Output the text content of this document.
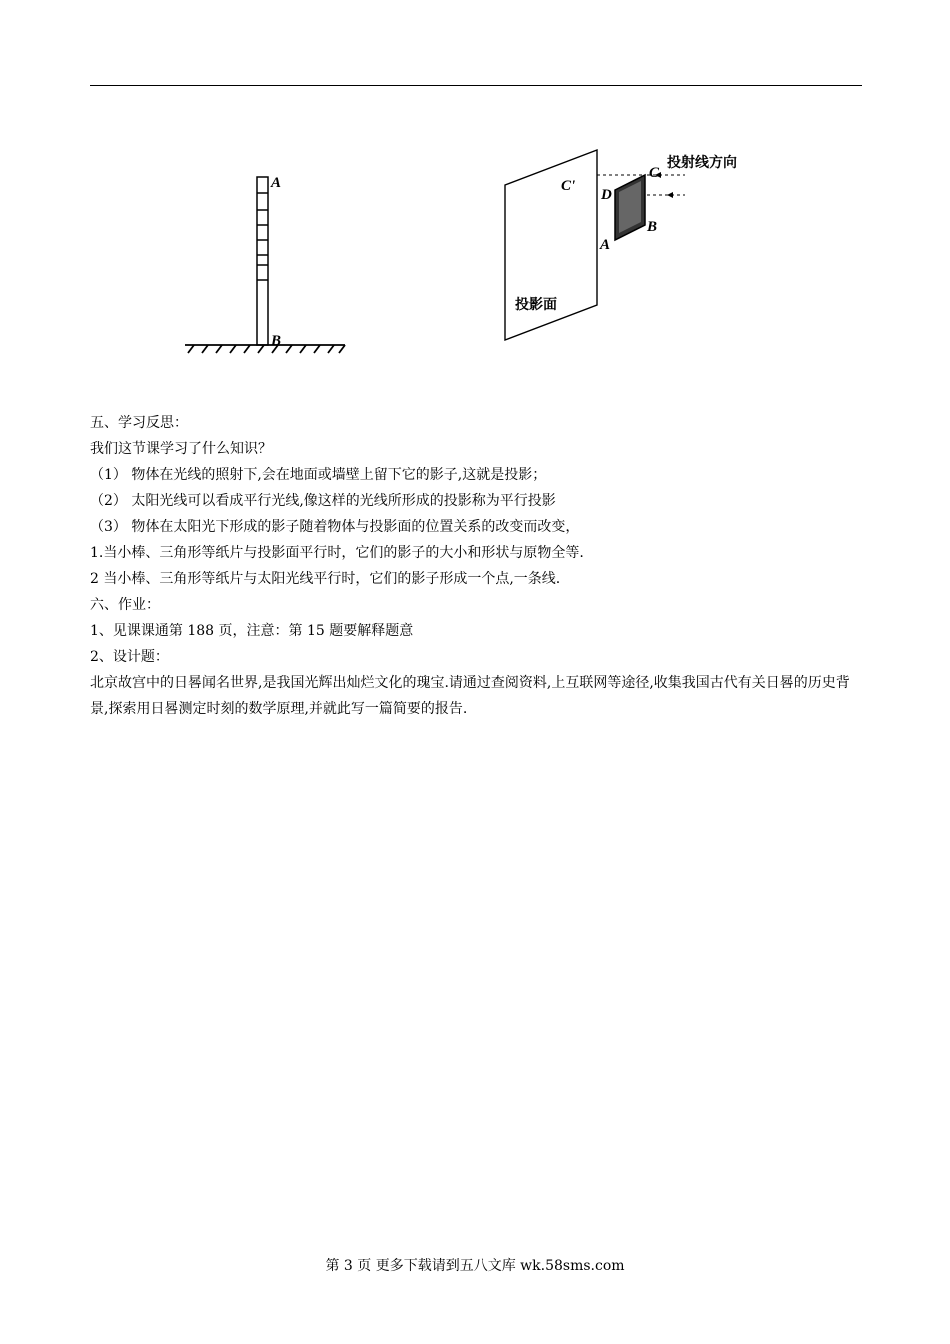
A
B
投射线方向
投影面
C'
D
C
B
A
五、学习反思：
我们这节课学习了什么知识？
（1） 物体在光线的照射下,会在地面或墙壁上留下它的影子,这就是投影；
（2） 太阳光线可以看成平行光线,像这样的光线所形成的投影称为平行投影
（3） 物体在太阳光下形成的影子随着物体与投影面的位置关系的改变而改变，
1.当小棒、三角形等纸片与投影面平行时，它们的影子的大小和形状与原物全等.
2 当小棒、三角形等纸片与太阳光线平行时，它们的影子形成一个点,一条线.
六、作业：
1、见课课通第 188 页，注意：第 15 题要解释题意
2、设计题：
北京故宫中的日晷闻名世界,是我国光辉出灿烂文化的瑰宝.请通过查阅资料,上互联网等途径,收集我国古代有关日晷的历史背景,探索用日晷测定时刻的数学原理,并就此写一篇简要的报告.
第 3 页 更多下载请到五八文库 wk.58sms.com
